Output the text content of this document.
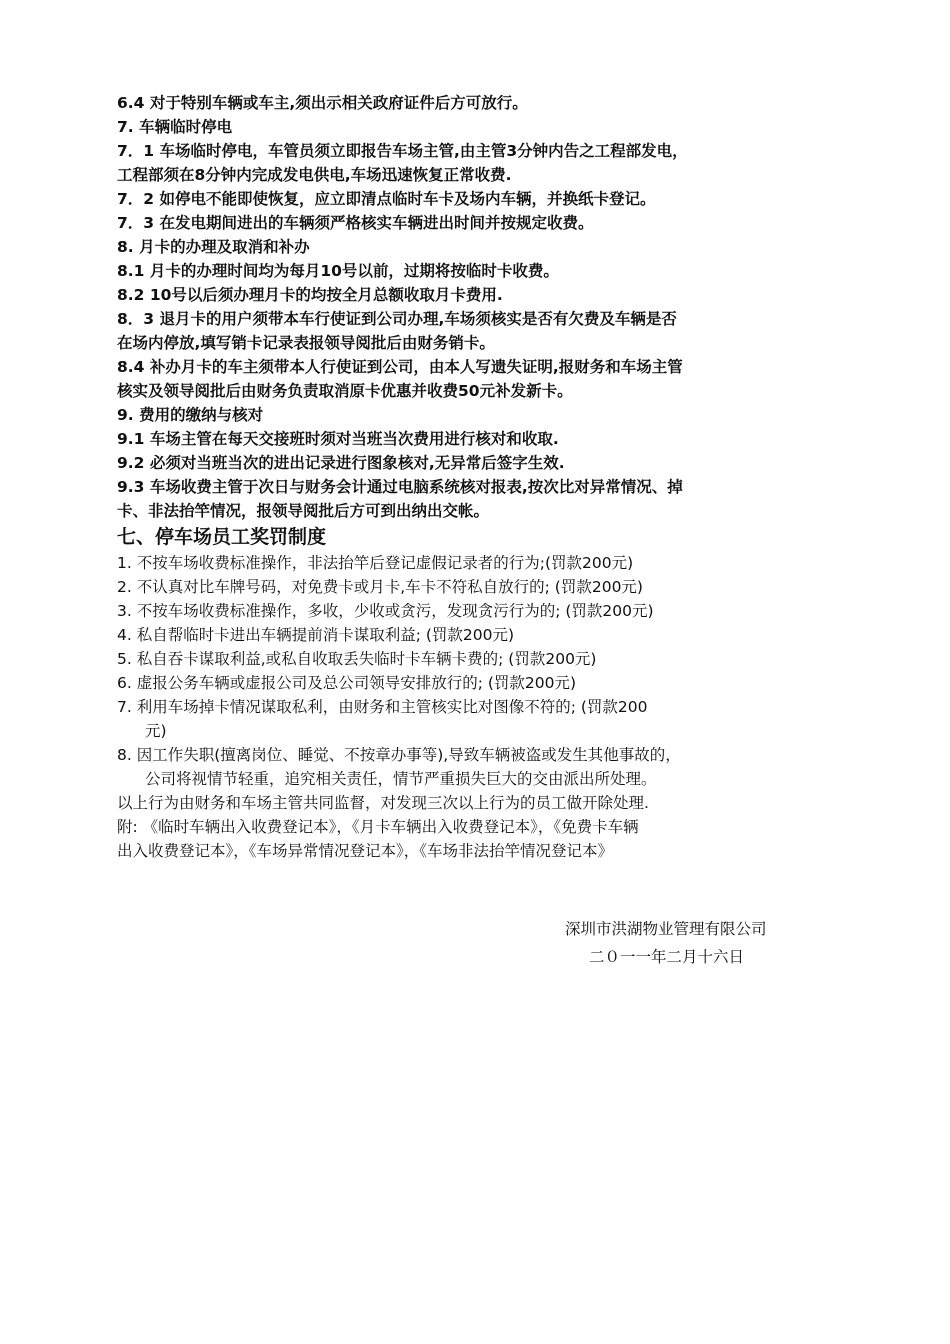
6.4 对于特别车辆或车主,须出示相关政府证件后方可放行。
7. 车辆临时停电
7．1 车场临时停电，车管员须立即报告车场主管,由主管3分钟内告之工程部发电，
工程部须在8分钟内完成发电供电,车场迅速恢复正常收费.
7．2 如停电不能即使恢复，应立即清点临时车卡及场内车辆，并换纸卡登记。
7．3 在发电期间进出的车辆须严格核实车辆进出时间并按规定收费。
8. 月卡的办理及取消和补办
8.1 月卡的办理时间均为每月10号以前，过期将按临时卡收费。
8.2 10号以后须办理月卡的均按全月总额收取月卡费用.
8．3 退月卡的用户须带本车行使证到公司办理,车场须核实是否有欠费及车辆是否
在场内停放,填写销卡记录表报领导阅批后由财务销卡。
8.4 补办月卡的车主须带本人行使证到公司，由本人写遗失证明,报财务和车场主管
核实及领导阅批后由财务负责取消原卡优惠并收费50元补发新卡。
9. 费用的缴纳与核对
9.1 车场主管在每天交接班时须对当班当次费用进行核对和收取.
9.2 必须对当班当次的进出记录进行图象核对,无异常后签字生效.
9.3 车场收费主管于次日与财务会计通过电脑系统核对报表,按次比对异常情况、掉
卡、非法抬竿情况，报领导阅批后方可到出纳出交帐。
七、停车场员工奖罚制度
1. 不按车场收费标准操作，非法抬竿后登记虚假记录者的行为;(罚款200元)
2. 不认真对比车牌号码，对免费卡或月卡,车卡不符私自放行的; (罚款200元)
3. 不按车场收费标准操作，多收，少收或贪污，发现贪污行为的; (罚款200元)
4. 私自帮临时卡进出车辆提前消卡谋取利益; (罚款200元)
5. 私自吞卡谋取利益,或私自收取丢失临时卡车辆卡费的; (罚款200元)
6. 虚报公务车辆或虚报公司及总公司领导安排放行的; (罚款200元)
7. 利用车场掉卡情况谋取私利，由财务和主管核实比对图像不符的; (罚款200
元)
8. 因工作失职(擅离岗位、睡觉、不按章办事等),导致车辆被盗或发生其他事故的，
公司将视情节轻重，追究相关责任，情节严重损失巨大的交由派出所处理。
以上行为由财务和车场主管共同监督，对发现三次以上行为的员工做开除处理.
附: 《临时车辆出入收费登记本》，《月卡车辆出入收费登记本》，《免费卡车辆
出入收费登记本》，《车场异常情况登记本》，《车场非法抬竿情况登记本》
深圳市洪湖物业管理有限公司
二０一一年二月十六日
